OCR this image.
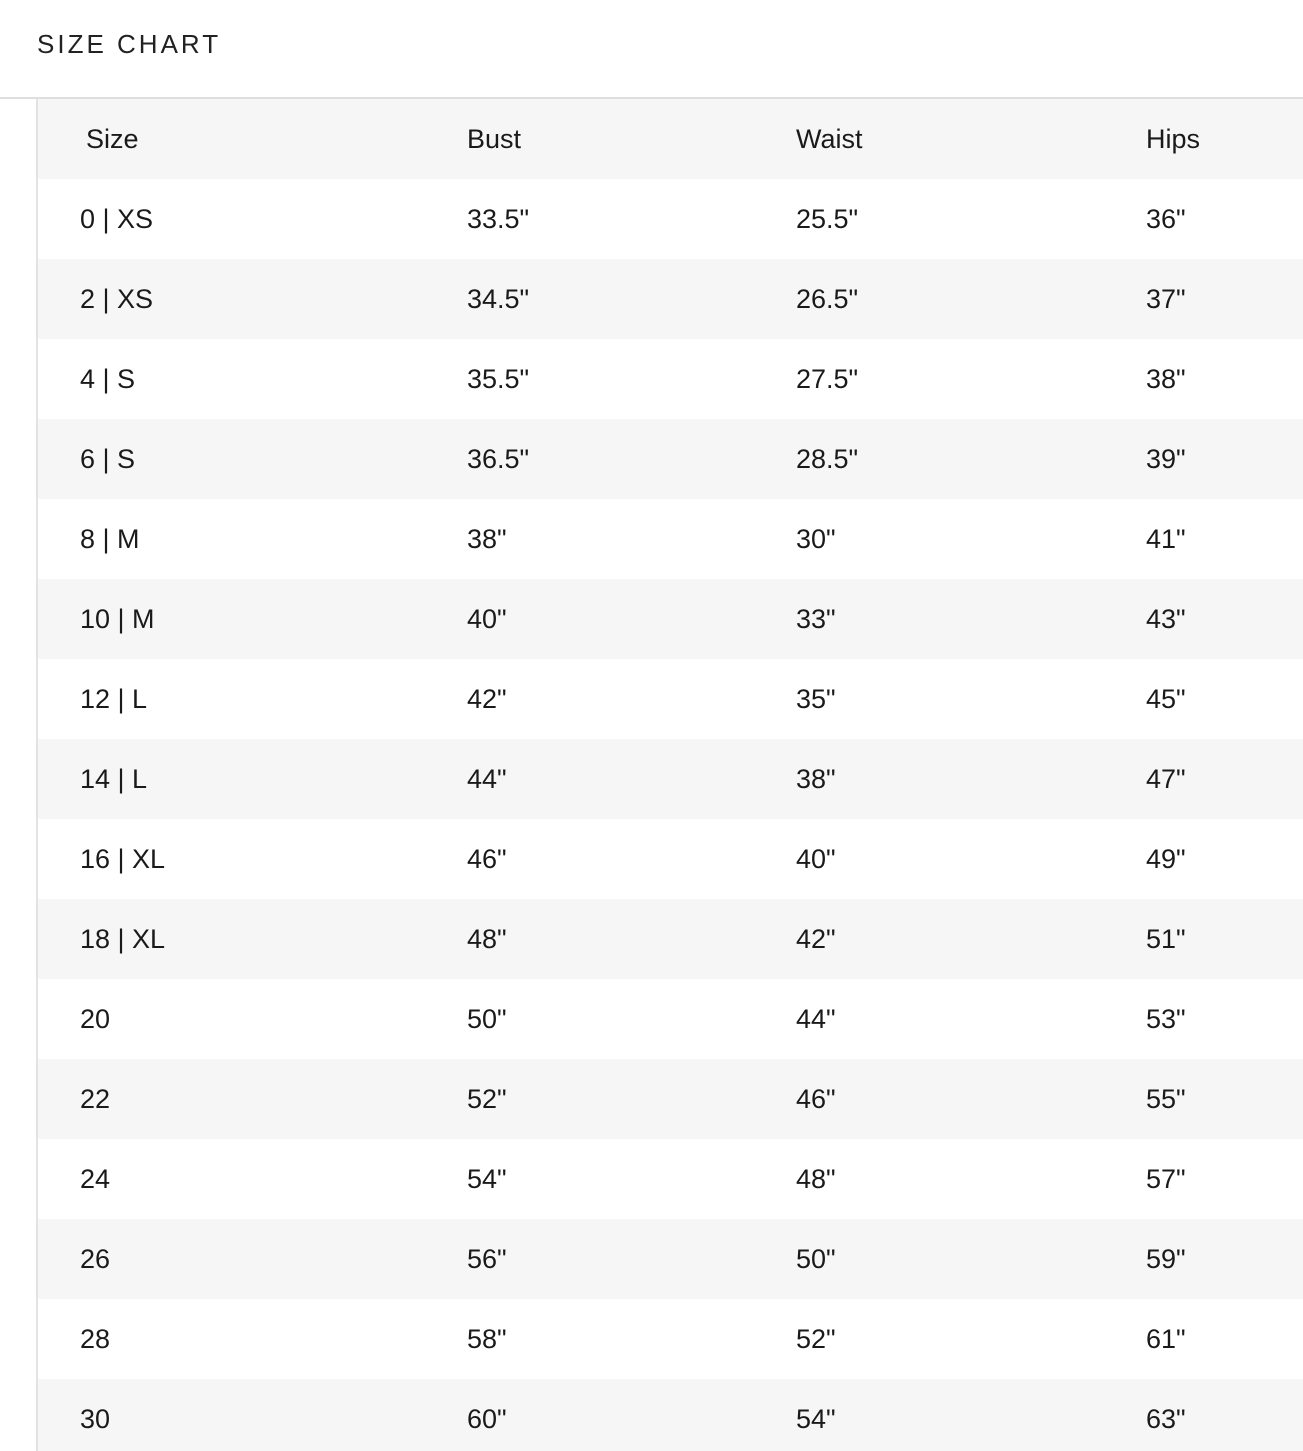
SIZE CHART
Size	Bust	Waist	Hips
0 | XS	33.5"	25.5"	36"
2 | XS	34.5"	26.5"	37"
4 | S	35.5"	27.5"	38"
6 | S	36.5"	28.5"	39"
8 | M	38"	30"	41"
10 | M	40"	33"	43"
12 | L	42"	35"	45"
14 | L	44"	38"	47"
16 | XL	46"	40"	49"
18 | XL	48"	42"	51"
20	50"	44"	53"
22	52"	46"	55"
24	54"	48"	57"
26	56"	50"	59"
28	58"	52"	61"
30	60"	54"	63"
